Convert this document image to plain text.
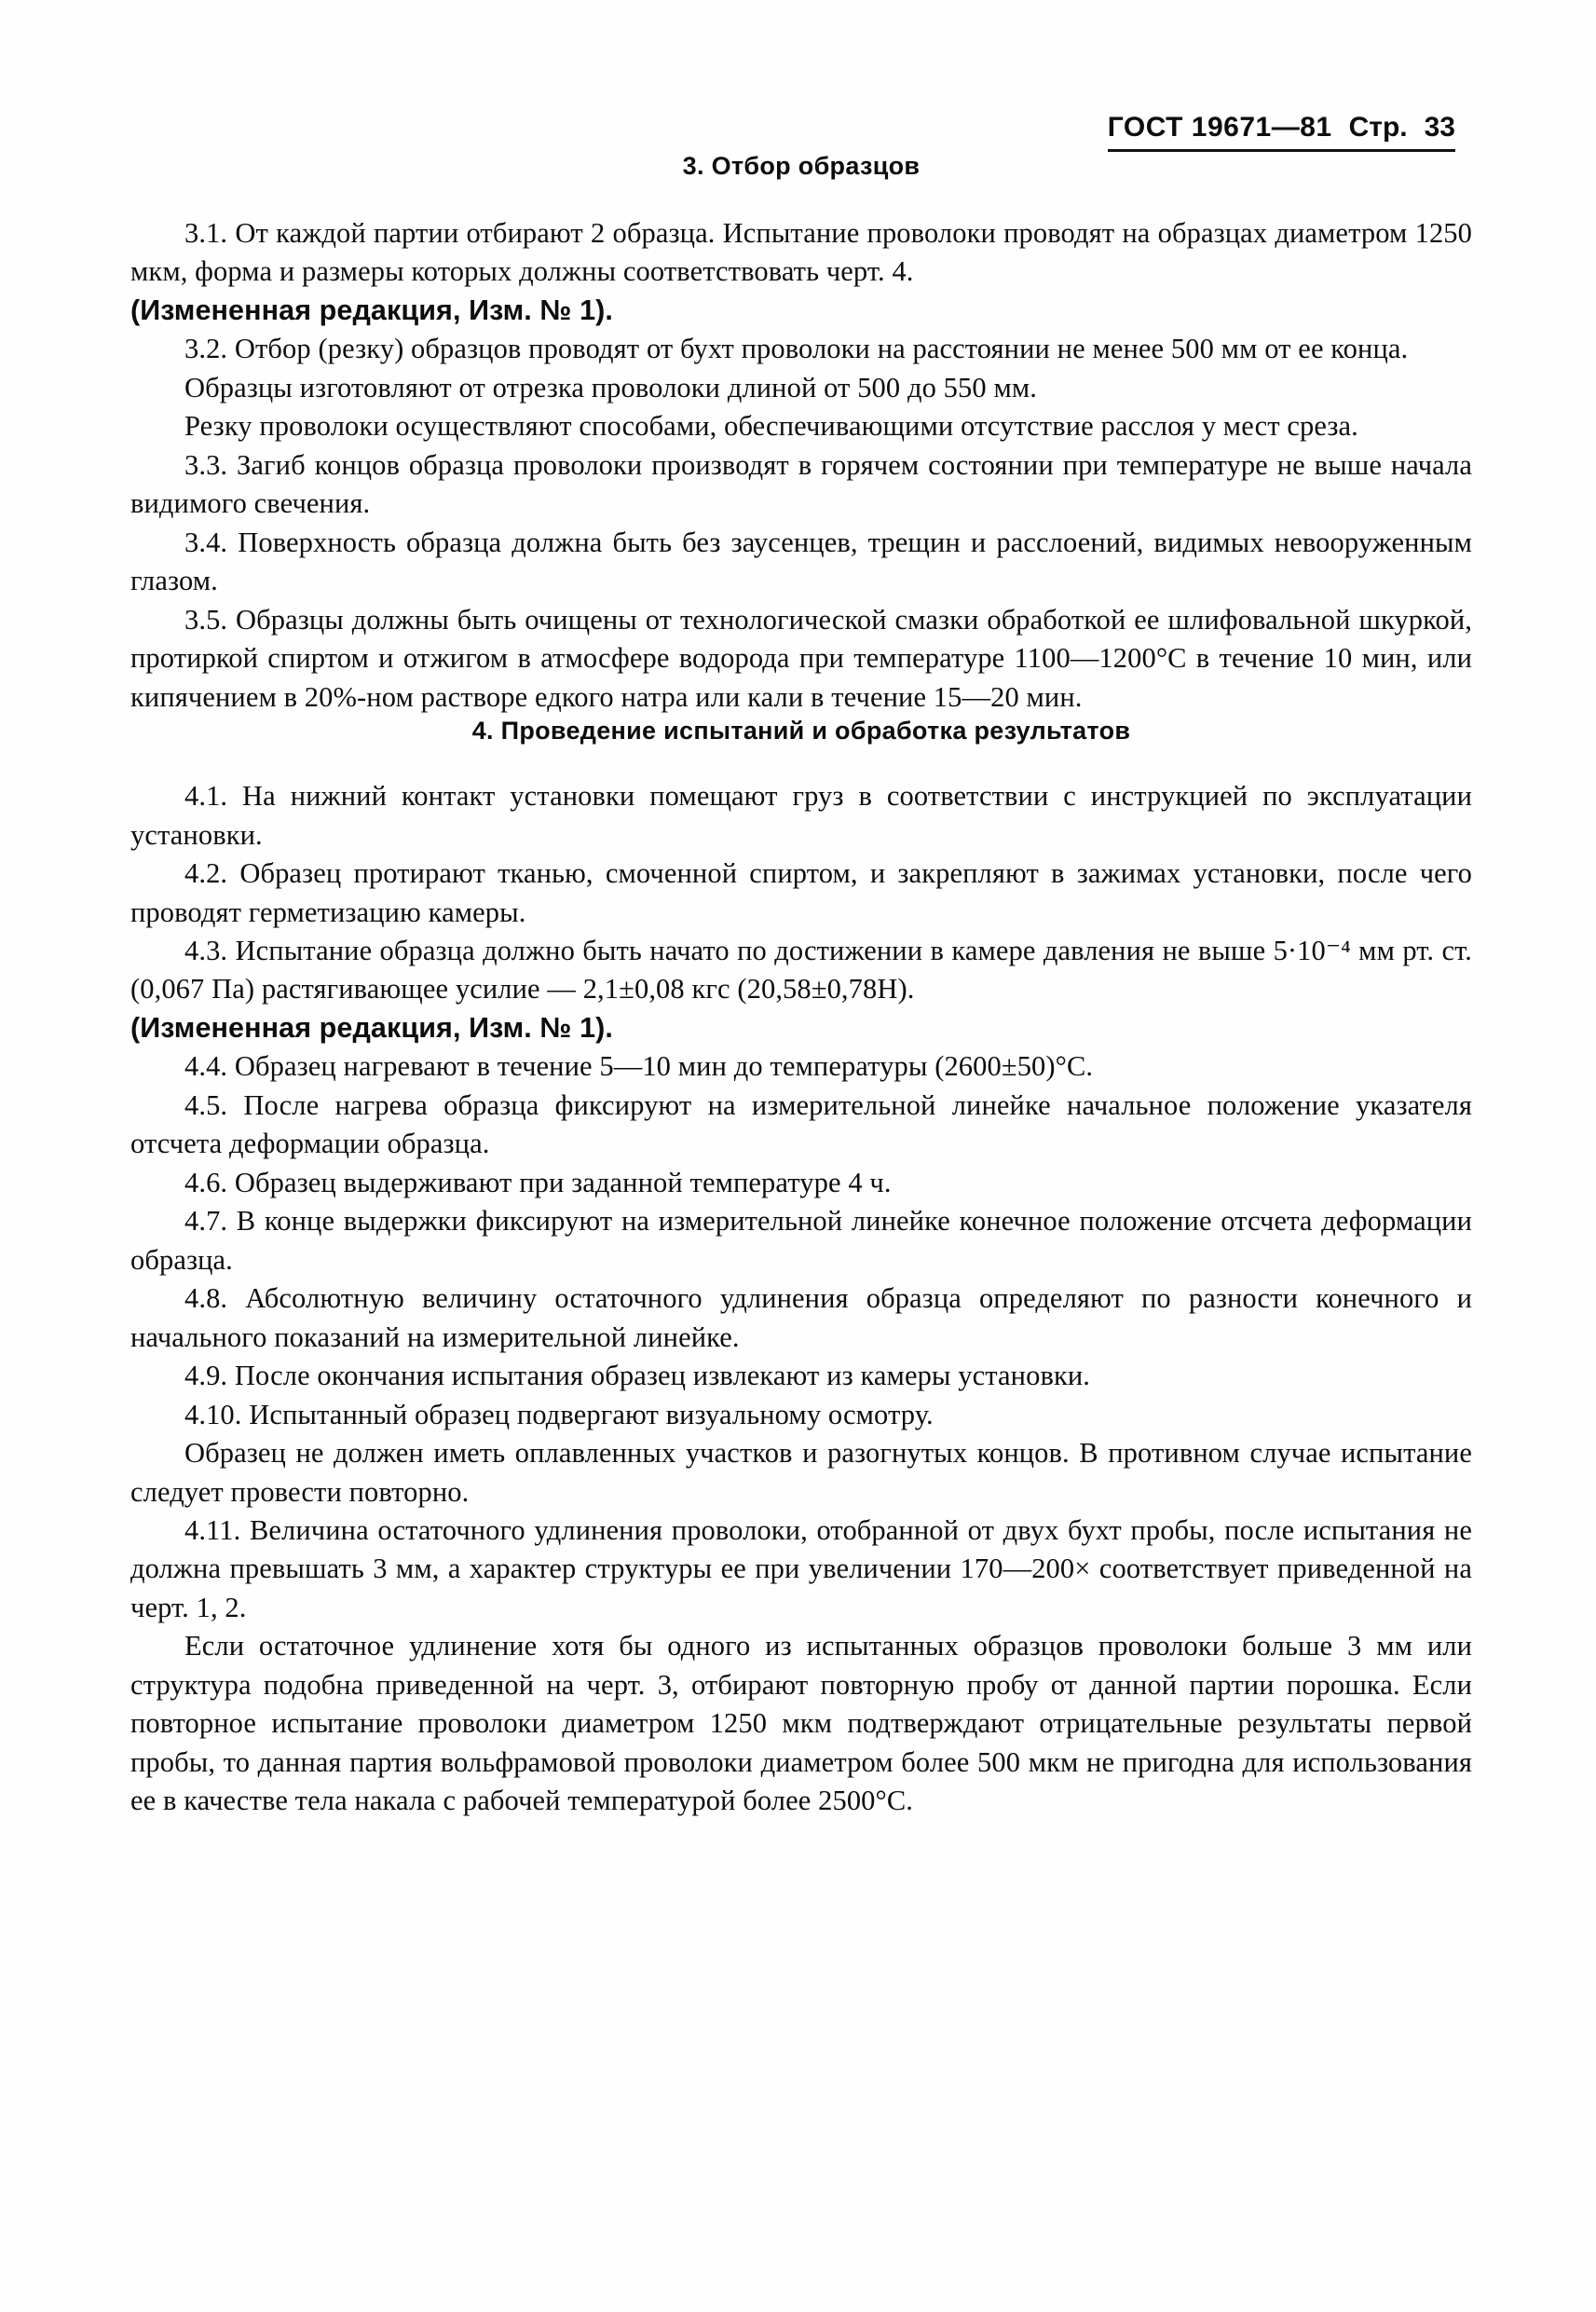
ГОСТ 19671—81 Стр. 33
3. Отбор образцов

3.1. От каждой партии отбирают 2 образца. Испытание проволоки проводят на образцах диаметром 1250 мкм, форма и размеры которых должны соответствовать черт. 4.

(Измененная редакция, Изм. № 1).

3.2. Отбор (резку) образцов проводят от бухт проволоки на расстоянии не менее 500 мм от ее конца.

Образцы изготовляют от отрезка проволоки длиной от 500 до 550 мм.

Резку проволоки осуществляют способами, обеспечивающими отсутствие расслоя у мест среза.

3.3. Загиб концов образца проволоки производят в горячем состоянии при температуре не выше начала видимого свечения.

3.4. Поверхность образца должна быть без заусенцев, трещин и расслоений, видимых невооруженным глазом.

3.5. Образцы должны быть очищены от технологической смазки обработкой ее шлифовальной шкуркой, протиркой спиртом и отжигом в атмосфере водорода при температуре 1100—1200°С в течение 10 мин, или кипячением в 20%-ном растворе едкого натра или кали в течение 15—20 мин.

4. Проведение испытаний и обработка результатов

4.1. На нижний контакт установки помещают груз в соответствии с инструкцией по эксплуатации установки.

4.2. Образец протирают тканью, смоченной спиртом, и закрепляют в зажимах установки, после чего проводят герметизацию камеры.

4.3. Испытание образца должно быть начато по достижении в камере давления не выше 5·10⁻⁴ мм рт. ст. (0,067 Па) растягивающее усилие — 2,1±0,08 кгс (20,58±0,78Н).

(Измененная редакция, Изм. № 1).

4.4. Образец нагревают в течение 5—10 мин до температуры (2600±50)°С.

4.5. После нагрева образца фиксируют на измерительной линейке начальное положение указателя отсчета деформации образца.

4.6. Образец выдерживают при заданной температуре 4 ч.

4.7. В конце выдержки фиксируют на измерительной линейке конечное положение отсчета деформации образца.

4.8. Абсолютную величину остаточного удлинения образца определяют по разности конечного и начального показаний на измерительной линейке.

4.9. После окончания испытания образец извлекают из камеры установки.

4.10. Испытанный образец подвергают визуальному осмотру.

Образец не должен иметь оплавленных участков и разогнутых концов. В противном случае испытание следует провести повторно.

4.11. Величина остаточного удлинения проволоки, отобранной от двух бухт пробы, после испытания не должна превышать 3 мм, а характер структуры ее при увеличении 170—200× соответствует приведенной на черт. 1, 2.

Если остаточное удлинение хотя бы одного из испытанных образцов проволоки больше 3 мм или структура подобна приведенной на черт. 3, отбирают повторную пробу от данной партии порошка. Если повторное испытание проволоки диаметром 1250 мкм подтверждают отрицательные результаты первой пробы, то данная партия вольфрамовой проволоки диаметром более 500 мкм не пригодна для использования ее в качестве тела накала с рабочей температурой более 2500°С.
